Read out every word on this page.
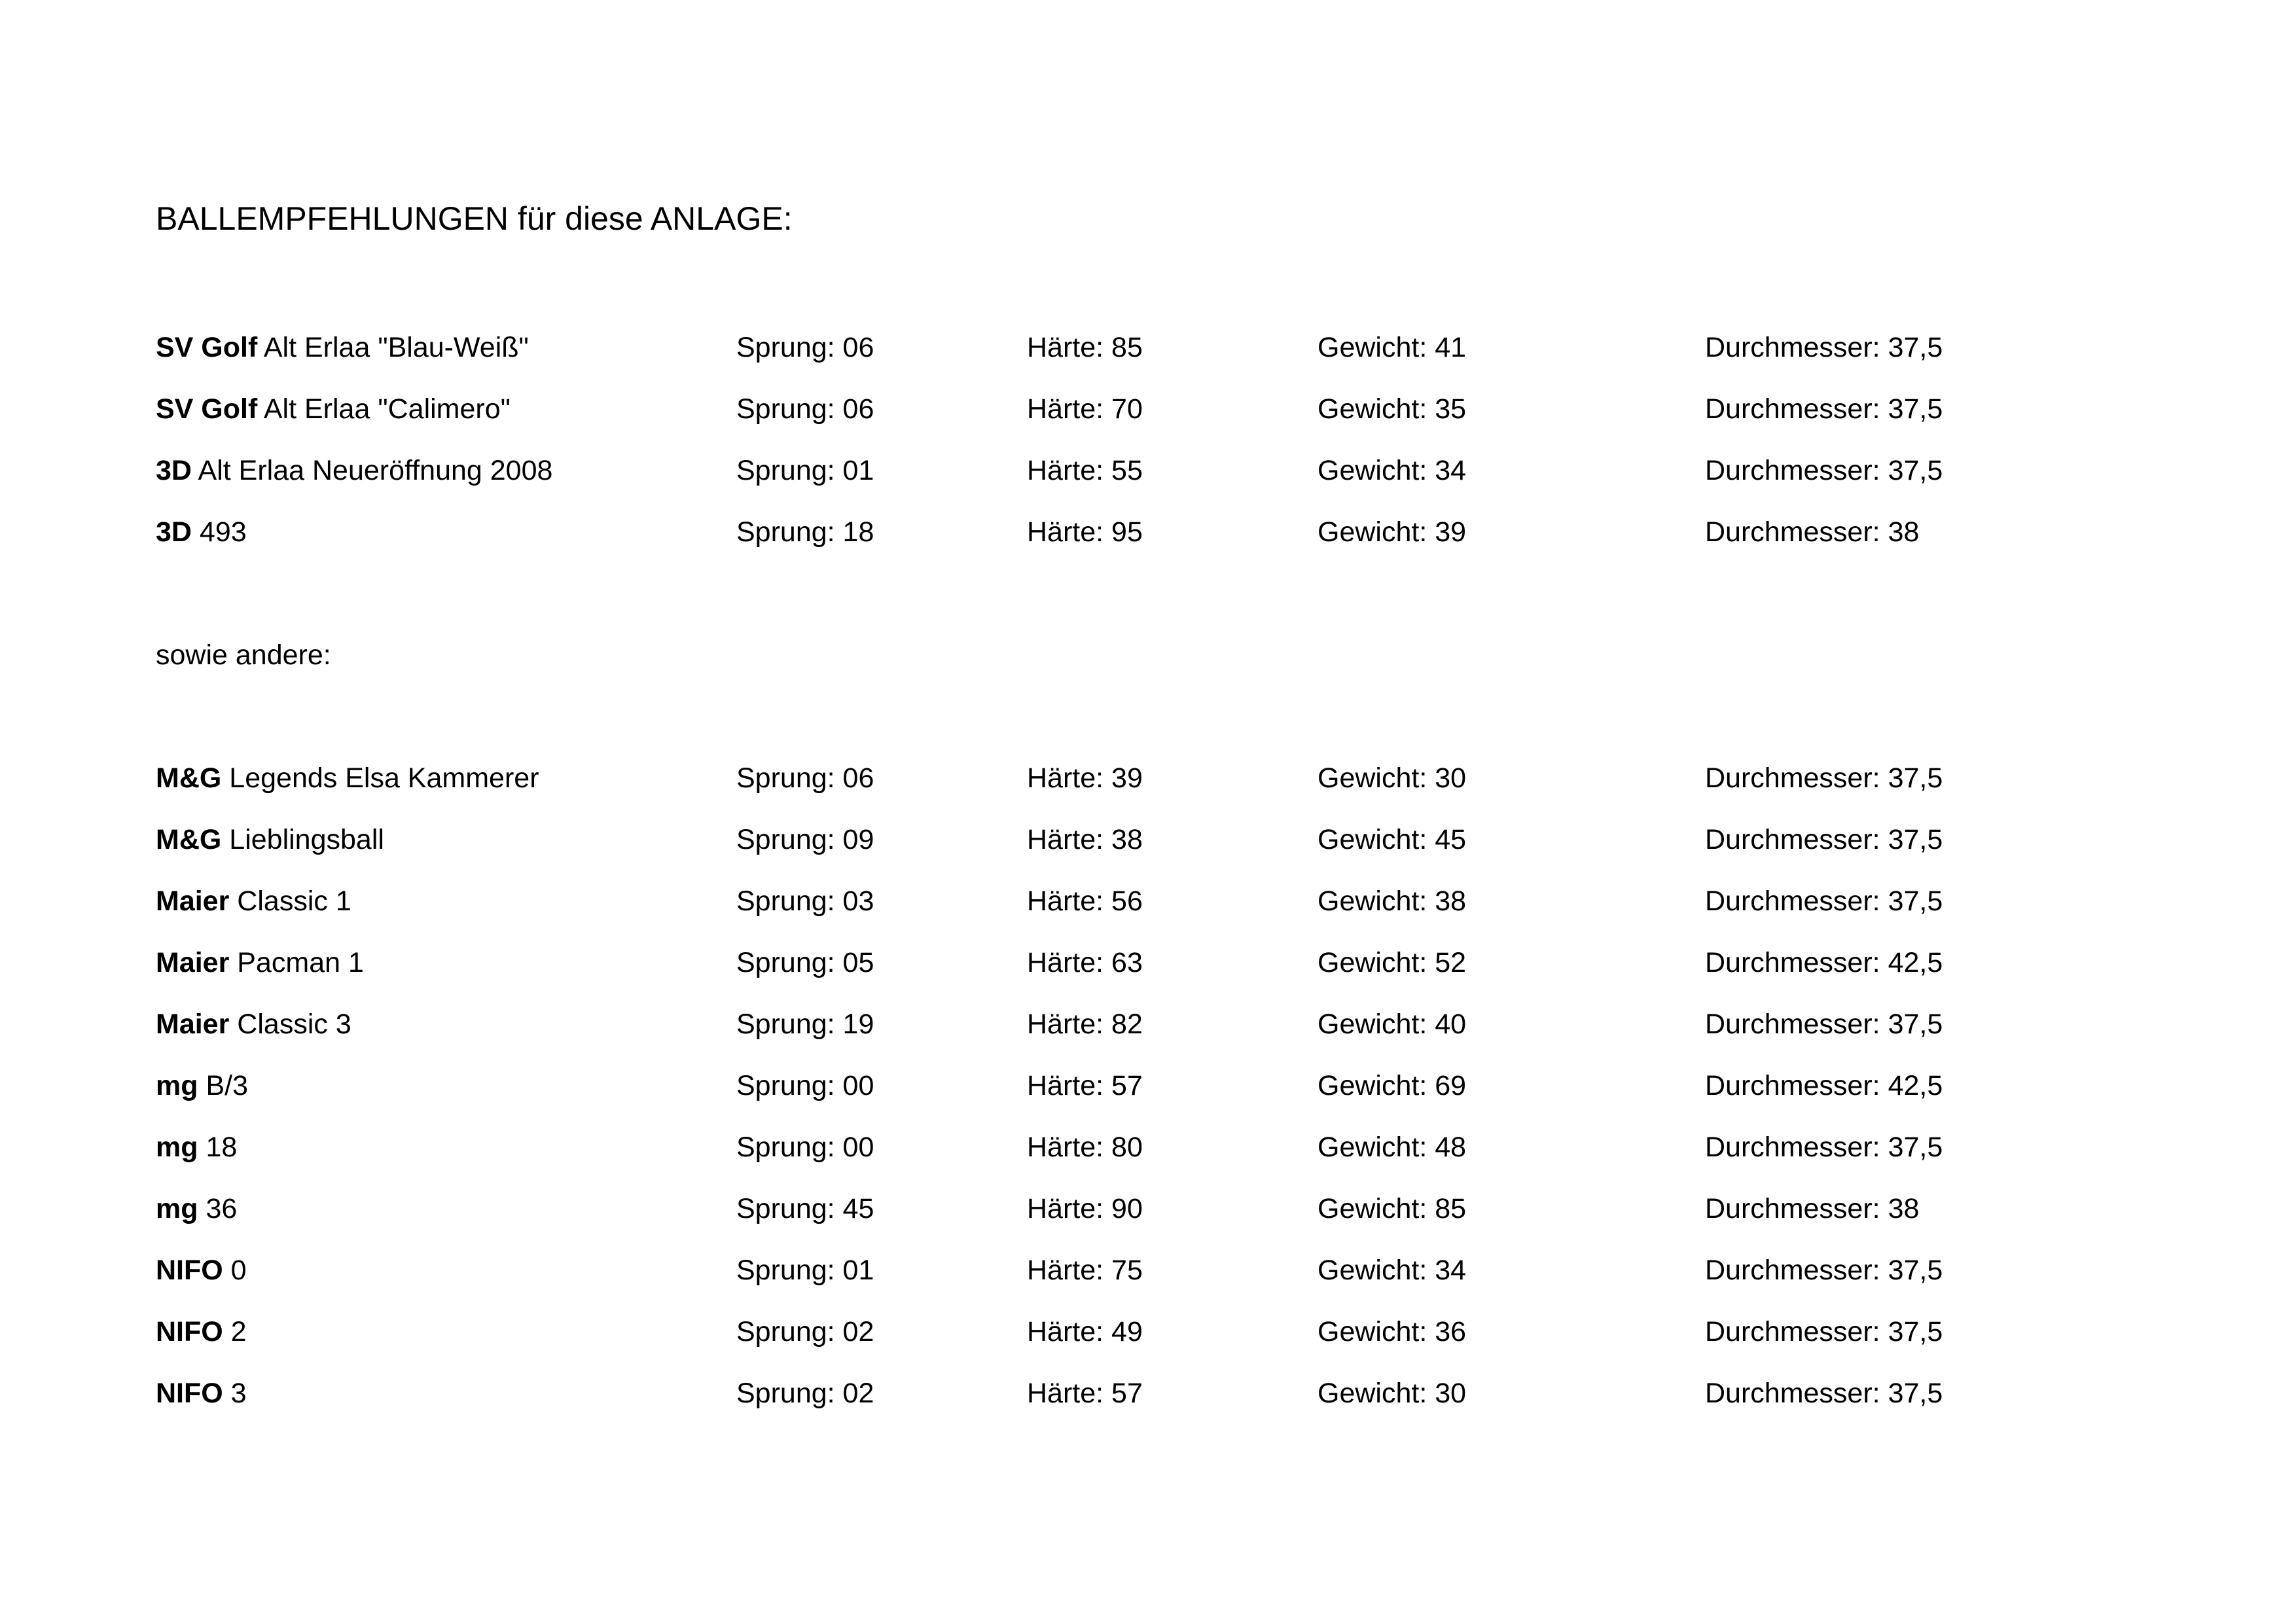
BALLEMPFEHLUNGEN für diese ANLAGE:
SV Golf Alt Erlaa "Blau-Weiß"	Sprung: 06	Härte: 85	Gewicht: 41	Durchmesser: 37,5
SV Golf Alt Erlaa "Calimero"	Sprung: 06	Härte: 70	Gewicht: 35	Durchmesser: 37,5
3D Alt Erlaa Neueröffnung 2008	Sprung: 01	Härte: 55	Gewicht: 34	Durchmesser: 37,5
3D 493	Sprung: 18	Härte: 95	Gewicht: 39	Durchmesser: 38
sowie andere:
M&G Legends Elsa Kammerer	Sprung: 06	Härte: 39	Gewicht: 30	Durchmesser: 37,5
M&G Lieblingsball	Sprung: 09	Härte: 38	Gewicht: 45	Durchmesser: 37,5
Maier Classic 1	Sprung: 03	Härte: 56	Gewicht: 38	Durchmesser: 37,5
Maier Pacman 1	Sprung: 05	Härte: 63	Gewicht: 52	Durchmesser: 42,5
Maier Classic 3	Sprung: 19	Härte: 82	Gewicht: 40	Durchmesser: 37,5
mg B/3	Sprung: 00	Härte: 57	Gewicht: 69	Durchmesser: 42,5
mg 18	Sprung: 00	Härte: 80	Gewicht: 48	Durchmesser: 37,5
mg 36	Sprung: 45	Härte: 90	Gewicht: 85	Durchmesser: 38
NIFO 0	Sprung: 01	Härte: 75	Gewicht: 34	Durchmesser: 37,5
NIFO 2	Sprung: 02	Härte: 49	Gewicht: 36	Durchmesser: 37,5
NIFO 3	Sprung: 02	Härte: 57	Gewicht: 30	Durchmesser: 37,5
